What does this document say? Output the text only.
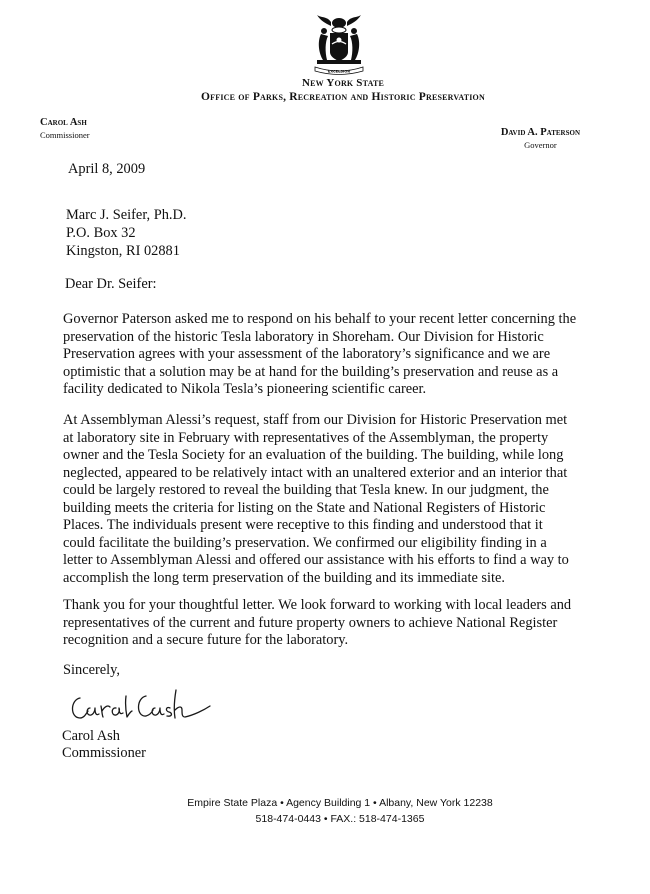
EXCELSIOR
New York State
Office of Parks, Recreation and Historic Preservation
Carol Ash
Commissioner	David A. Paterson
Governor
April 8, 2009
Marc J. Seifer, Ph.D.
P.O. Box 32
Kingston, RI 02881
Dear Dr. Seifer:
Governor Paterson asked me to respond on his behalf to your recent letter concerning the
preservation of the historic Tesla laboratory in Shoreham. Our Division for Historic
Preservation agrees with your assessment of the laboratory’s significance and we are
optimistic that a solution may be at hand for the building’s preservation and reuse as a
facility dedicated to Nikola Tesla’s pioneering scientific career.
At Assemblyman Alessi’s request, staff from our Division for Historic Preservation met
at laboratory site in February with representatives of the Assemblyman, the property
owner and the Tesla Society for an evaluation of the building. The building, while long
neglected, appeared to be relatively intact with an unaltered exterior and an interior that
could be largely restored to reveal the building that Tesla knew. In our judgment, the
building meets the criteria for listing on the State and National Registers of Historic
Places. The individuals present were receptive to this finding and understood that it
could facilitate the building’s preservation. We confirmed our eligibility finding in a
letter to Assemblyman Alessi and offered our assistance with his efforts to find a way to
accomplish the long term preservation of the building and its immediate site.
Thank you for your thoughtful letter. We look forward to working with local leaders and
representatives of the current and future property owners to achieve National Register
recognition and a secure future for the laboratory.
Sincerely,
Carol Ash
Commissioner
Empire State Plaza • Agency Building 1 • Albany, New York 12238
518-474-0443 • FAX.: 518-474-1365
